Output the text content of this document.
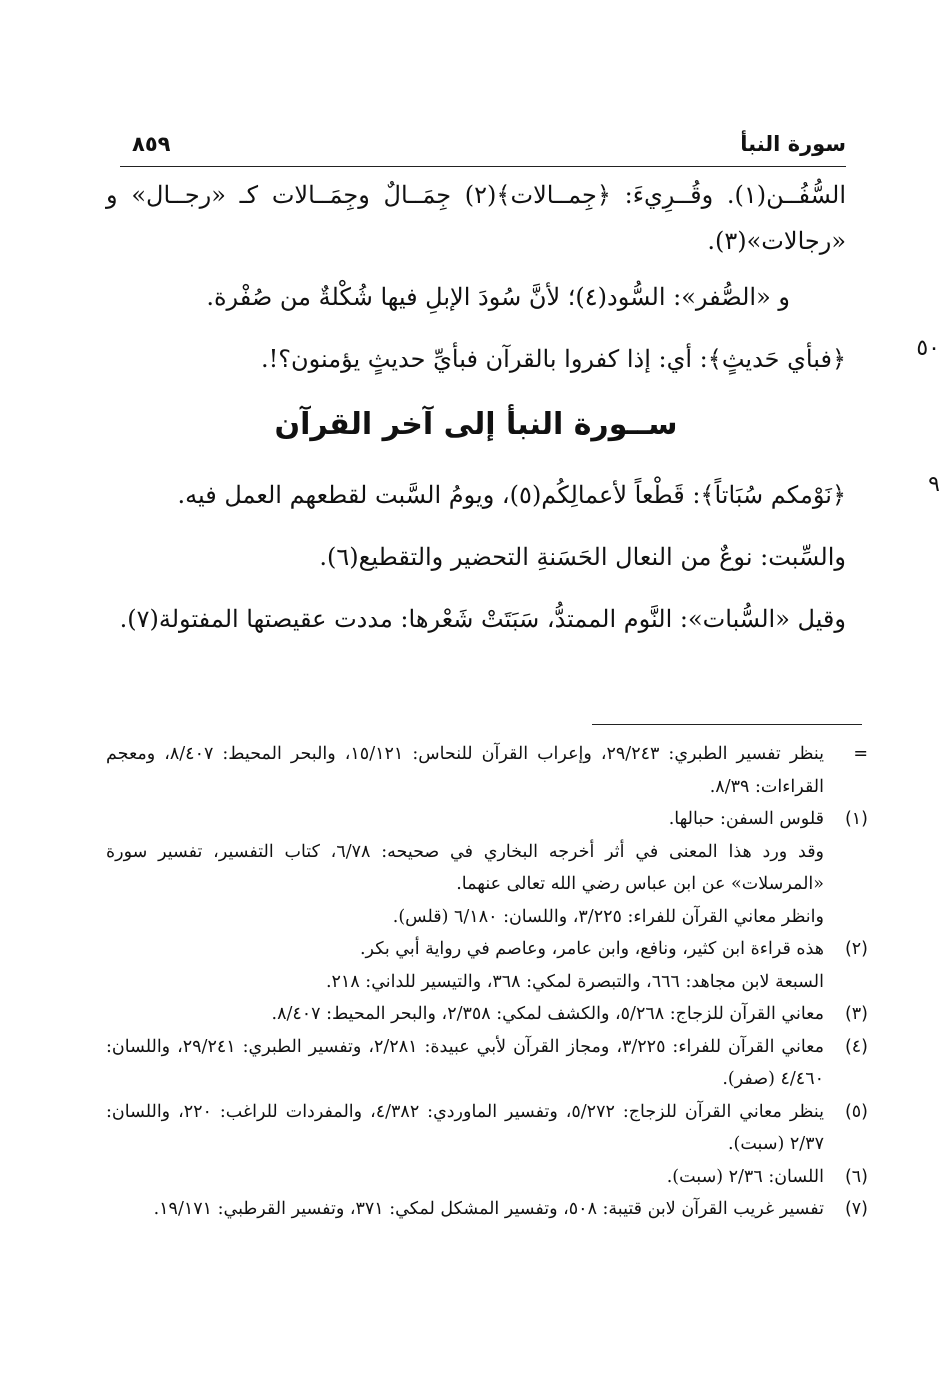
٨٥٩	سورة النبأ

السُّفُــن(١). وقُــرِيءَ: ﴿جِمــالات﴾(٢) جِمَــالٌ وجِمَــالات كـ «رجــال» و «رجالات»(٣).

و «الصُّفر»: السُّود(٤)؛ لأنَّ سُودَ الإبلِ فيها شُكْلةٌ من صُفْرة.

٥٠

﴿فبأي حَديثٍ﴾: أي: إذا كفروا بالقرآن فبأيِّ حديثٍ يؤمنون؟!.

ســورة النبأ إلى آخر القرآن
٩

﴿نَوْمكم سُبَاتاً﴾: قَطْعاً لأعمالِكُم(٥)، ويومُ السَّبت لقطعهم العمل فيه.

والسِّبت: نوعٌ من النعال الحَسَنةِ التحضير والتقطيع(٦).

وقيل «السُّبات»: النَّوم الممتدُّ، سَبَتَتْ شَعْرها: مددت عقيصتها المفتولة(٧).

=
ينظر تفسير الطبري: ٢٩/٢٤٣، وإعراب القرآن للنحاس: ١٥/١٢١، والبحر المحيط: ٨/٤٠٧، ومعجم القراءات: ٨/٣٩.
(١)
قلوس السفن: حبالها.
وقد ورد هذا المعنى في أثر أخرجه البخاري في صحيحه: ٦/٧٨، كتاب التفسير، تفسير سورة «المرسلات» عن ابن عباس رضي الله تعالى عنهما.
وانظر معاني القرآن للفراء: ٣/٢٢٥، واللسان: ٦/١٨٠ (قلس).
(٢)
هذه قراءة ابن كثير، ونافع، وابن عامر، وعاصم في رواية أبي بكر.
السبعة لابن مجاهد: ٦٦٦، والتبصرة لمكي: ٣٦٨، والتيسير للداني: ٢١٨.
(٣)
معاني القرآن للزجاج: ٥/٢٦٨، والكشف لمكي: ٢/٣٥٨، والبحر المحيط: ٨/٤٠٧.
(٤)
معاني القرآن للفراء: ٣/٢٢٥، ومجاز القرآن لأبي عبيدة: ٢/٢٨١، وتفسير الطبري: ٢٩/٢٤١، واللسان: ٤/٤٦٠ (صفر).
(٥)
ينظر معاني القرآن للزجاج: ٥/٢٧٢، وتفسير الماوردي: ٤/٣٨٢، والمفردات للراغب: ٢٢٠، واللسان: ٢/٣٧ (سبت).
(٦)
اللسان: ٢/٣٦ (سبت).
(٧)
تفسير غريب القرآن لابن قتيبة: ٥٠٨، وتفسير المشكل لمكي: ٣٧١، وتفسير القرطبي: ١٩/١٧١.
